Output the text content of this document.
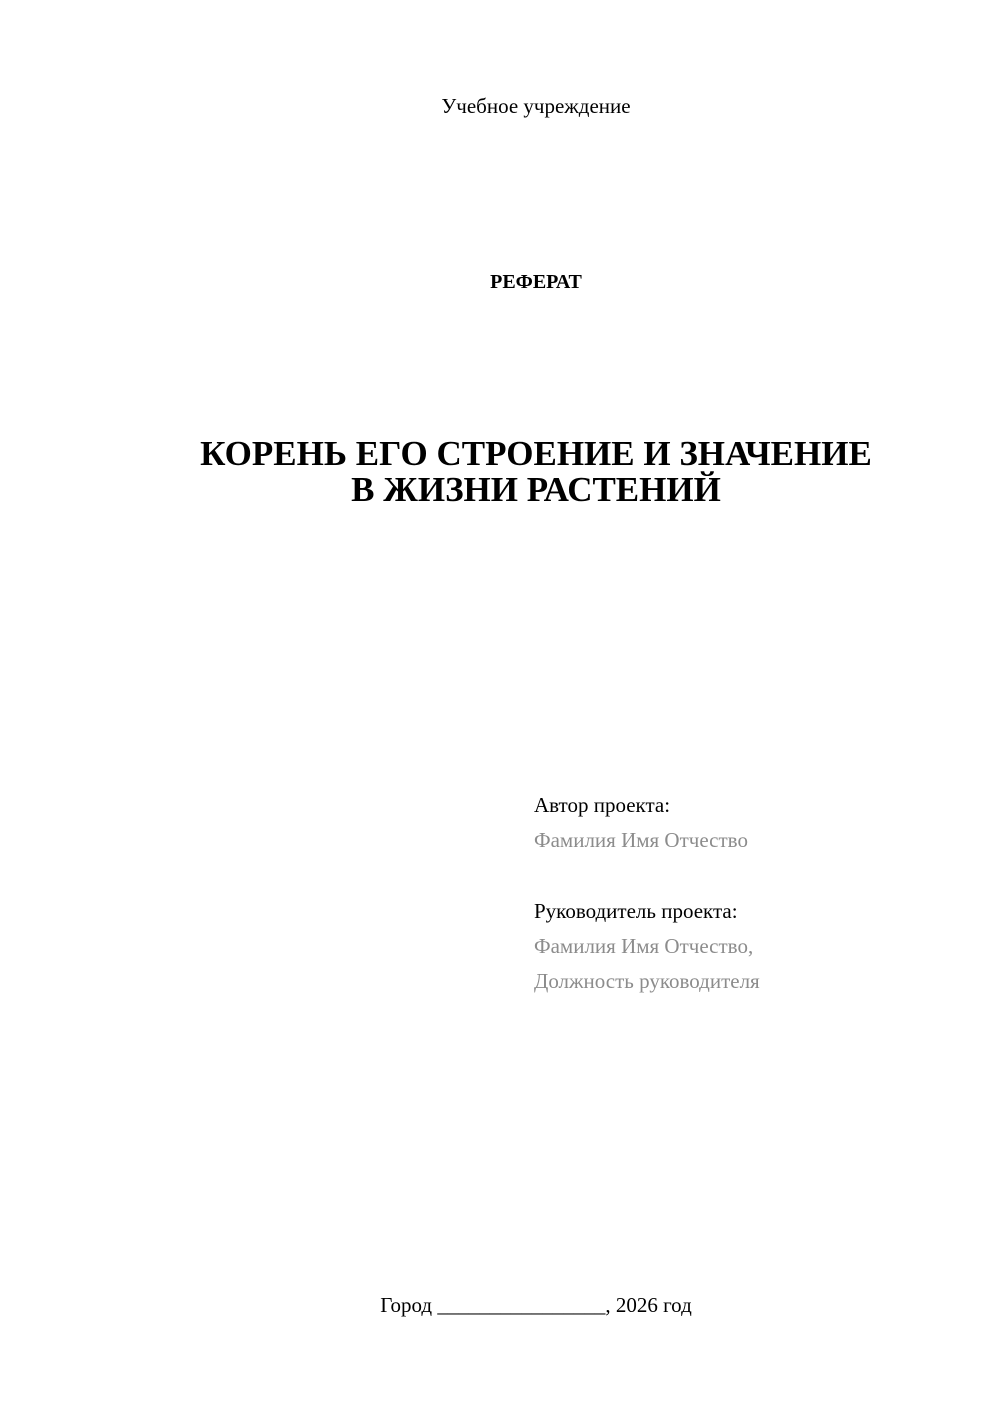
Учебное учреждение
РЕФЕРАТ
КОРЕНЬ ЕГО СТРОЕНИЕ И ЗНАЧЕНИЕ
В ЖИЗНИ РАСТЕНИЙ
Автор проекта:
Фамилия Имя Отчество
Руководитель проекта:
Фамилия Имя Отчество,
Должность руководителя
Город ________________, 2026 год
